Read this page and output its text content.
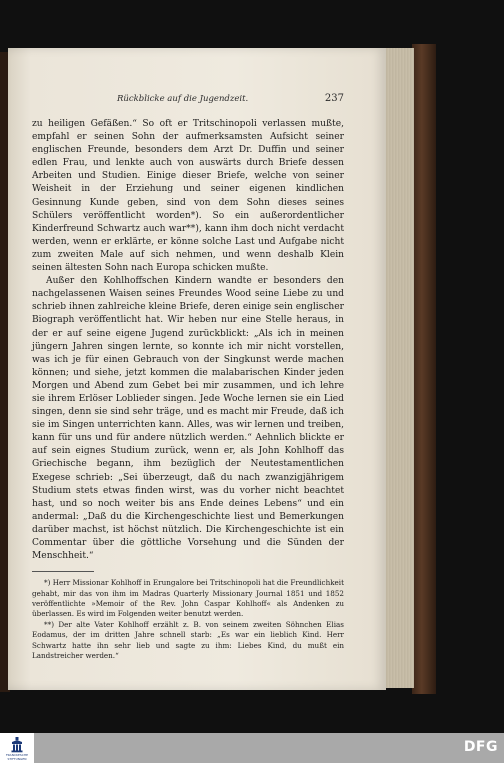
Rückblicke auf die Jugendzeit.	237

zu heiligen Gefäßen.“ So oft er Tritschinopoli verlassen mußte, empfahl er seinen Sohn der aufmerksamsten Aufsicht seiner englischen Freunde, besonders dem Arzt Dr. Duffin und seiner edlen Frau, und lenkte auch von auswärts durch Briefe dessen Arbeiten und Studien. Einige dieser Briefe, welche von seiner Weisheit in der Erziehung und seiner eigenen kindlichen Gesinnung Kunde geben, sind von dem Sohn dieses seines Schülers veröffentlicht worden*). So ein außerordentlicher Kinderfreund Schwartz auch war**), kann ihm doch nicht verdacht werden, wenn er erklärte, er könne solche Last und Aufgabe nicht zum zweiten Male auf sich nehmen, und wenn deshalb Klein seinen ältesten Sohn nach Europa schicken mußte.

Außer den Kohlhoffschen Kindern wandte er besonders den nachgelassenen Waisen seines Freundes Wood seine Liebe zu und schrieb ihnen zahlreiche kleine Briefe, deren einige sein englischer Biograph veröffentlicht hat. Wir heben nur eine Stelle heraus, in der er auf seine eigene Jugend zurückblickt: „Als ich in meinen jüngern Jahren singen lernte, so konnte ich mir nicht vorstellen, was ich je für einen Gebrauch von der Singkunst werde machen können; und siehe, jetzt kommen die malabarischen Kinder jeden Morgen und Abend zum Gebet bei mir zusammen, und ich lehre sie ihrem Erlöser Loblieder singen. Jede Woche lernen sie ein Lied singen, denn sie sind sehr träge, und es macht mir Freude, daß ich sie im Singen unterrichten kann. Alles, was wir lernen und treiben, kann für uns und für andere nützlich werden.“ Aehnlich blickte er auf sein eignes Studium zurück, wenn er, als John Kohlhoff das Griechische begann, ihm bezüglich der Neutestamentlichen Exegese schrieb: „Sei überzeugt, daß du nach zwanzigjährigem Studium stets etwas finden wirst, was du vorher nicht beachtet hast, und so noch weiter bis ans Ende deines Lebens“ und ein andermal: „Daß du die Kirchengeschichte liest und Bemerkungen darüber machst, ist höchst nützlich. Die Kirchengeschichte ist ein Commentar über die göttliche Vorsehung und die Sünden der Menschheit.“

*) Herr Missionar Kohlhoff in Erungalore bei Tritschinopoli hat die Freundlichkeit gehabt, mir das von ihm im Madras Quarterly Missionary Journal 1851 und 1852 veröffentlichte »Memoir of the Rev. John Caspar Kohlhoff« als Andenken zu überlassen. Es wird im Folgenden weiter benutzt werden.

**) Der alte Vater Kohlhoff erzählt z. B. von seinem zweiten Söhnchen Elias Eodamus, der im dritten Jahre schnell starb: „Es war ein lieblich Kind. Herr Schwartz hatte ihn sehr lieb und sagte zu ihm: Liebes Kind, du mußt ein Landstreicher werden.“

FRANCKESCHE STIFTUNGEN
DFG
